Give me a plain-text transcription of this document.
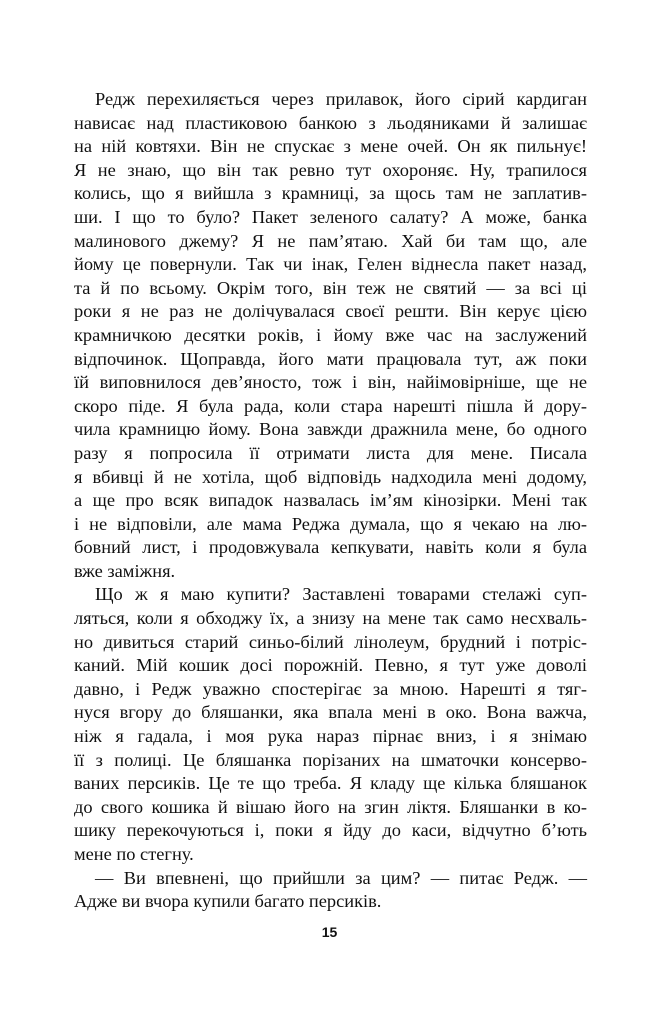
Редж перехиляється через прилавок, його сірий кардиган
нависає над пластиковою банкою з льодяниками й залишає
на ній ковтяхи. Він не спускає з мене очей. Он як пильнує!
Я не знаю, що він так ревно тут охороняє. Ну, трапилося
колись, що я вийшла з крамниці, за щось там не заплатив-
ши. І що то було? Пакет зеленого салату? А може, банка
малинового джему? Я не пам’ятаю. Хай би там що, але
йому це повернули. Так чи інак, Гелен віднесла пакет назад,
та й по всьому. Окрім того, він теж не святий — за всі ці
роки я не раз не долічувалася своєї решти. Він керує цією
крамничкою десятки років, і йому вже час на заслужений
відпочинок. Щоправда, його мати працювала тут, аж поки
їй виповнилося дев’яносто, тож і він, найімовірніше, ще не
скоро піде. Я була рада, коли стара нарешті пішла й дору-
чила крамницю йому. Вона завжди дражнила мене, бо одного
разу я попросила її отримати листа для мене. Писала
я вбивці й не хотіла, щоб відповідь надходила мені додому,
а ще про всяк випадок назвалась ім’ям кінозірки. Мені так
і не відповіли, але мама Реджа думала, що я чекаю на лю-
бовний лист, і продовжувала кепкувати, навіть коли я була
вже заміжня.
Що ж я маю купити? Заставлені товарами стелажі суп-
ляться, коли я обходжу їх, а знизу на мене так само несхваль-
но дивиться старий синьо-білий лінолеум, брудний і потріс-
каний. Мій кошик досі порожній. Певно, я тут уже доволі
давно, і Редж уважно спостерігає за мною. Нарешті я тяг-
нуся вгору до бляшанки, яка впала мені в око. Вона важча,
ніж я гадала, і моя рука нараз пірнає вниз, і я знімаю
її з полиці. Це бляшанка порізаних на шматочки консерво-
ваних персиків. Це те що треба. Я кладу ще кілька бляшанок
до свого кошика й вішаю його на згин ліктя. Бляшанки в ко-
шику перекочуються і, поки я йду до каси, відчутно б’ють
мене по стегну.
— Ви впевнені, що прийшли за цим? — питає Редж. —
Адже ви вчора купили багато персиків.
15
